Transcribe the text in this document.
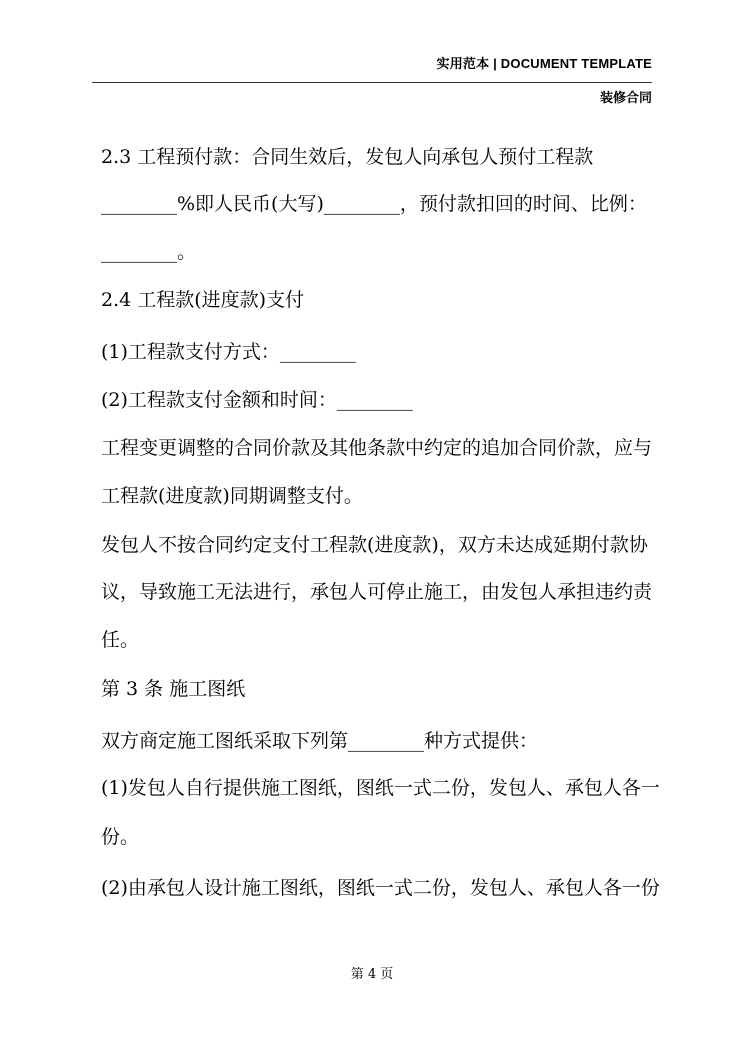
实用范本 | DOCUMENT TEMPLATE
装修合同
2.3 工程预付款：合同生效后，发包人向承包人预付工程款
________%即人民币(大写)________，预付款扣回的时间、比例：
________。
2.4 工程款(进度款)支付
(1)工程款支付方式：________
(2)工程款支付金额和时间：________
工程变更调整的合同价款及其他条款中约定的追加合同价款，应与
工程款(进度款)同期调整支付。
发包人不按合同约定支付工程款(进度款)，双方未达成延期付款协
议，导致施工无法进行，承包人可停止施工，由发包人承担违约责
任。
第 3 条 施工图纸
双方商定施工图纸采取下列第________种方式提供：
(1)发包人自行提供施工图纸，图纸一式二份，发包人、承包人各一
份。
(2)由承包人设计施工图纸，图纸一式二份，发包人、承包人各一份
第 4 页
